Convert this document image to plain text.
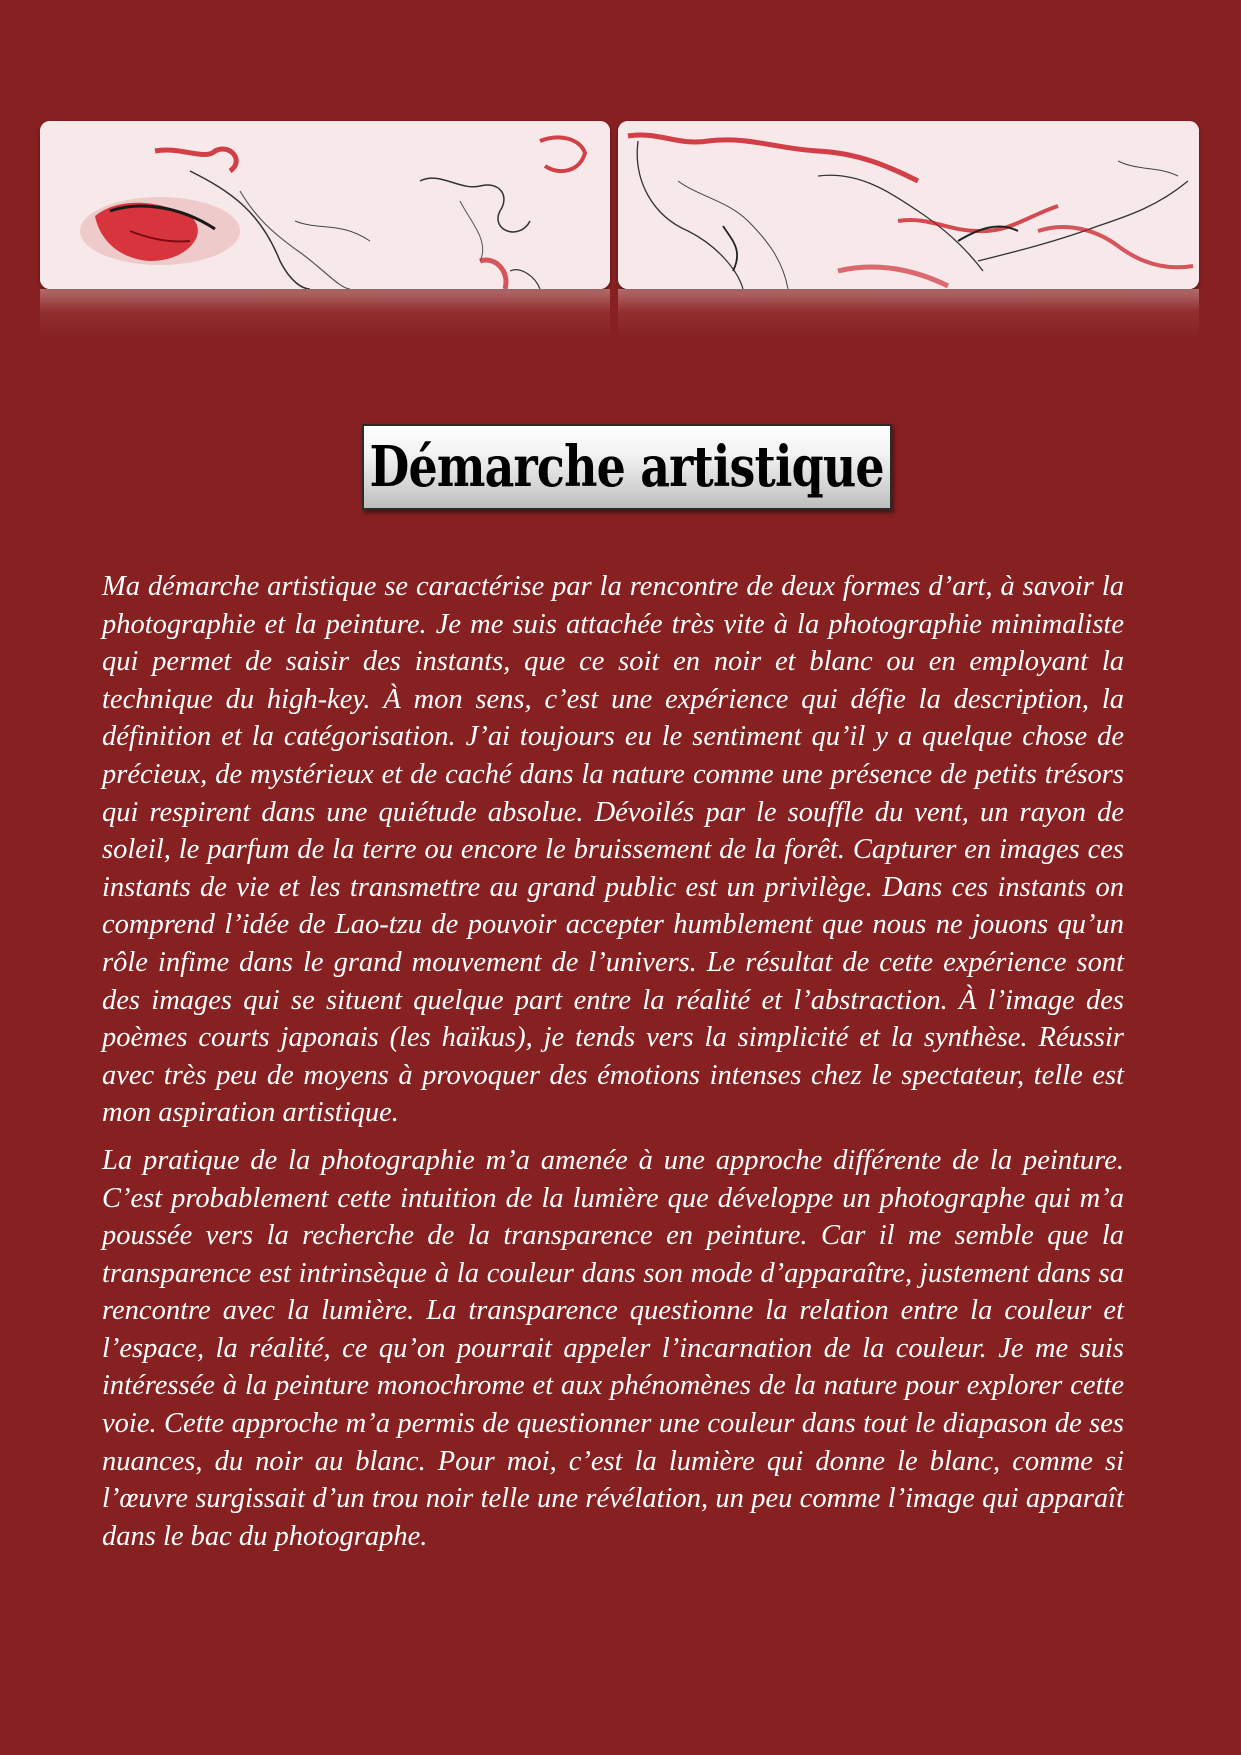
Démarche artistique

Ma démarche artistique se caractérise par la rencontre de deux formes d’art, à savoir la photographie et la peinture. Je me suis attachée très vite à la photographie minimaliste qui permet de saisir des instants, que ce soit en noir et blanc ou en employant la technique du high-key. À mon sens, c’est une expérience qui défie la description, la définition et la catégorisation. J’ai toujours eu le sentiment qu’il y a quelque chose de précieux, de mystérieux et de caché dans la nature comme une présence de petits trésors qui respirent dans une quiétude absolue. Dévoilés par le souffle du vent, un rayon de soleil, le parfum de la terre ou encore le bruissement de la forêt. Capturer en images ces instants de vie et les transmettre au grand public est un privilège. Dans ces instants on comprend l’idée de Lao-tzu de pouvoir accepter humblement que nous ne jouons qu’un rôle infime dans le grand mouvement de l’univers. Le résultat de cette expérience sont des images qui se situent quelque part entre la réalité et l’abstraction. À l’image des poèmes courts japonais (les haïkus), je tends vers la simplicité et la synthèse. Réussir avec très peu de moyens à provoquer des émotions intenses chez le spectateur, telle est mon aspiration artistique.

La pratique de la photographie m’a amenée à une approche différente de la peinture. C’est probablement cette intuition de la lumière que développe un photographe qui m’a poussée vers la recherche de la transparence en peinture. Car il me semble que la transparence est intrinsèque à la couleur dans son mode d’apparaître, justement dans sa rencontre avec la lumière. La transparence questionne la relation entre la couleur et l’espace, la réalité, ce qu’on pourrait appeler l’incarnation de la couleur. Je me suis intéressée à la peinture monochrome et aux phénomènes de la nature pour explorer cette voie. Cette approche m’a permis de questionner une couleur dans tout le diapason de ses nuances, du noir au blanc. Pour moi, c’est la lumière qui donne le blanc, comme si l’œuvre surgissait d’un trou noir telle une révélation, un peu comme l’image qui apparaît dans le bac du photographe.
